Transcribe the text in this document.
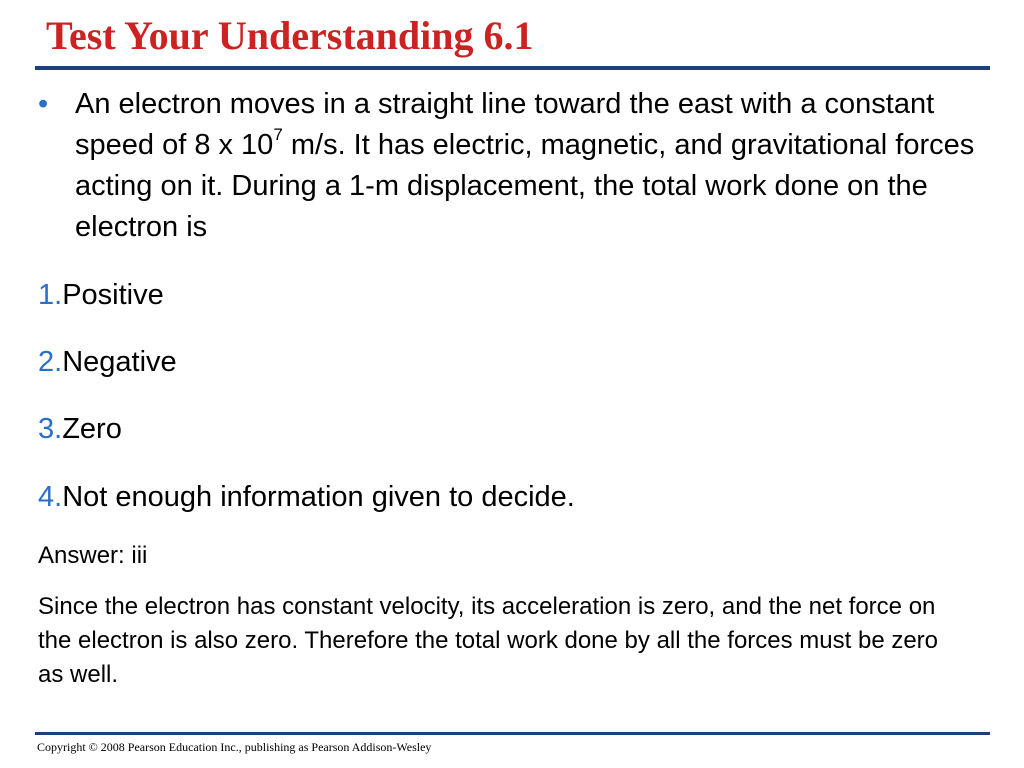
Test Your Understanding 6.1
• An electron moves in a straight line toward the east with a constant speed of 8 x $10^7$ m/s. It has electric, magnetic, and gravitational forces acting on it. During a 1-m displacement, the total work done on the electron is
1.Positive
2.Negative
3.Zero
4.Not enough information given to decide.
Answer: iii
Since the electron has constant velocity, its acceleration is zero, and the net force on the electron is also zero. Therefore the total work done by all the forces must be zero as well.
Copyright © 2008 Pearson Education Inc., publishing as Pearson Addison-Wesley
